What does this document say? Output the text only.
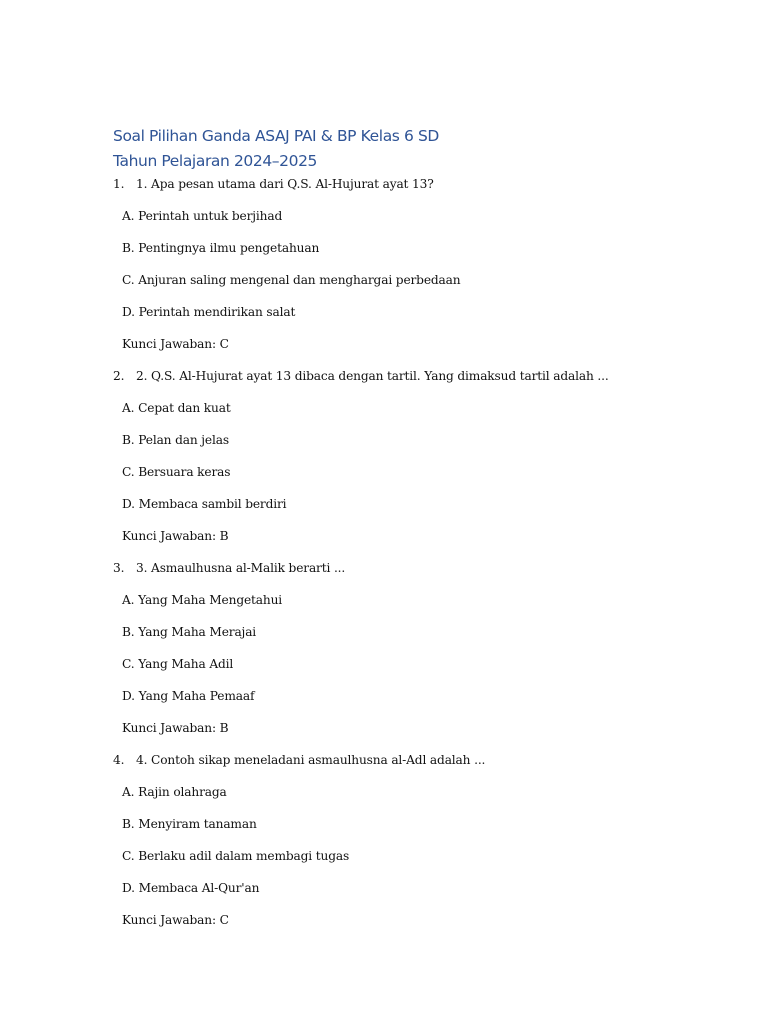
Soal Pilihan Ganda ASAJ PAI & BP Kelas 6 SD
Tahun Pelajaran 2024–2025
1. 1. Apa pesan utama dari Q.S. Al-Hujurat ayat 13?
A. Perintah untuk berjihad
B. Pentingnya ilmu pengetahuan
C. Anjuran saling mengenal dan menghargai perbedaan
D. Perintah mendirikan salat
Kunci Jawaban: C
2. 2. Q.S. Al-Hujurat ayat 13 dibaca dengan tartil. Yang dimaksud tartil adalah ...
A. Cepat dan kuat
B. Pelan dan jelas
C. Bersuara keras
D. Membaca sambil berdiri
Kunci Jawaban: B
3. 3. Asmaulhusna al-Malik berarti ...
A. Yang Maha Mengetahui
B. Yang Maha Merajai
C. Yang Maha Adil
D. Yang Maha Pemaaf
Kunci Jawaban: B
4. 4. Contoh sikap meneladani asmaulhusna al-Adl adalah ...
A. Rajin olahraga
B. Menyiram tanaman
C. Berlaku adil dalam membagi tugas
D. Membaca Al-Qur'an
Kunci Jawaban: C
